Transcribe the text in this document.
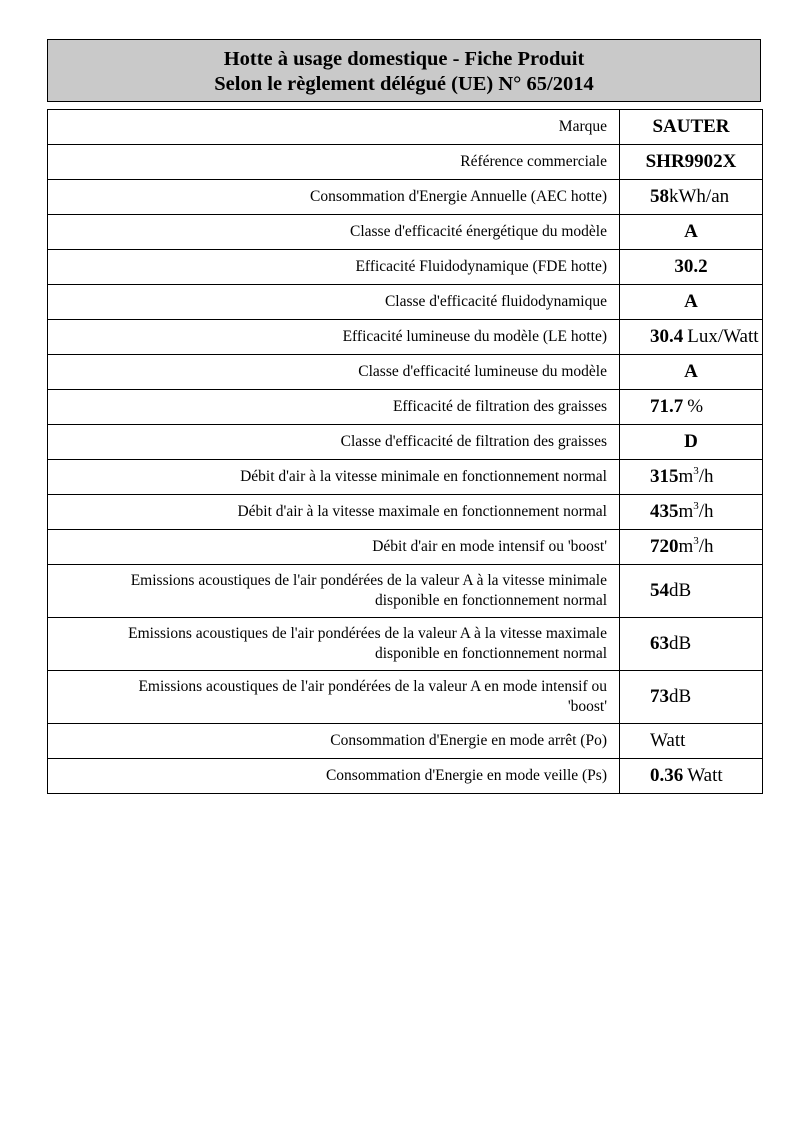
Hotte à usage domestique - Fiche Produit
Selon le règlement délégué (UE) N° 65/2014
Marque	SAUTER
Référence commerciale	SHR9902X
Consommation d'Energie Annuelle (AEC hotte)	58kWh/an
Classe d'efficacité énergétique du modèle	A
Efficacité Fluidodynamique (FDE hotte)	30.2
Classe d'efficacité fluidodynamique	A
Efficacité lumineuse du modèle (LE hotte)	30.4 Lux/Watt
Classe d'efficacité lumineuse du modèle	A
Efficacité de filtration des graisses	71.7 %
Classe d'efficacité de filtration des graisses	D
Débit d'air à la vitesse minimale en fonctionnement normal	$315m^3/h$
Débit d'air à la vitesse maximale en fonctionnement normal	$435m^3/h$
Débit d'air en mode intensif ou 'boost'	$720m^3/h$
Emissions acoustiques de l'air pondérées de la valeur A à la vitesse minimale
disponible en fonctionnement normal	54dB
Emissions acoustiques de l'air pondérées de la valeur A à la vitesse maximale
disponible en fonctionnement normal	63dB
Emissions acoustiques de l'air pondérées de la valeur A en mode intensif ou
'boost'	73dB
Consommation d'Energie en mode arrêt (Po)	Watt
Consommation d'Energie en mode veille (Ps)	0.36 Watt
